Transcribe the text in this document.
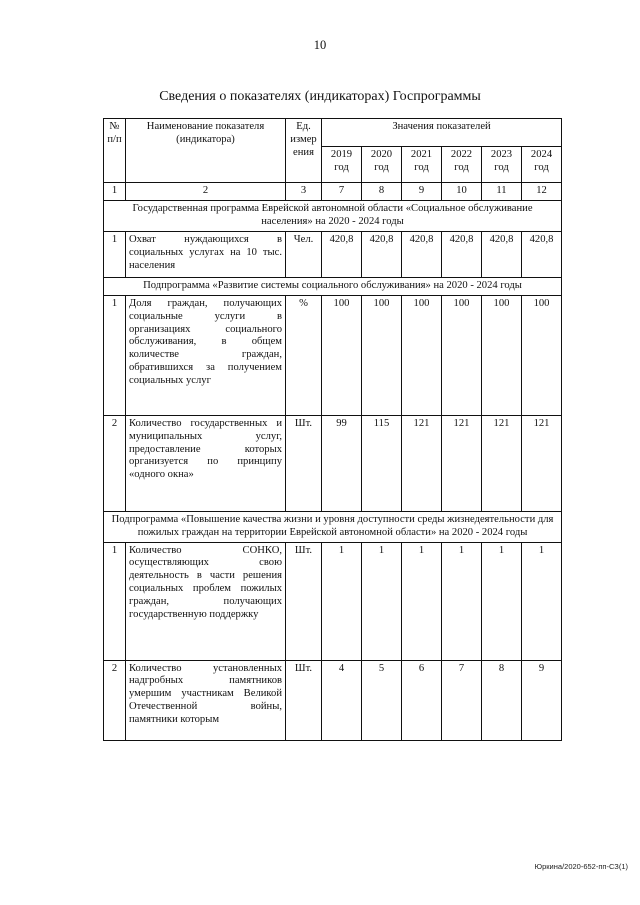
10
Сведения о показателях (индикаторах) Госпрограммы
№ п/п	Наименование показателя (индикатора)	Ед. измер ения	Значения показателей					
			2019 год	2020 год	2021 год	2022 год	2023 год	2024 год
1	2	3	7	8	9	10	11	12
Государственная программа Еврейской автономной области «Социальное обслуживание населения» на 2020 - 2024 годы								
1	Охват нуждающихся в социальных услугах на 10 тыс. населения	Чел.	420,8	420,8	420,8	420,8	420,8	420,8
Подпрограмма «Развитие системы социального обслуживания» на 2020 - 2024 годы								
1	Доля граждан, получающих социальные услуги в организациях социального обслуживания, в общем количестве граждан, обратившихся за получением социальных услуг	%	100	100	100	100	100	100
2	Количество государственных и муниципальных услуг, предоставление которых организуется по принципу «одного окна»	Шт.	99	115	121	121	121	121
Подпрограмма «Повышение качества жизни и уровня доступности среды жизнедеятельности для пожилых граждан на территории Еврейской автономной области» на 2020 - 2024 годы								
1	Количество СОНКО, осуществляющих свою деятельность в части решения социальных проблем пожилых граждан, получающих государственную поддержку	Шт.	1	1	1	1	1	1
2	Количество установленных надгробных памятников умершим участникам Великой Отечественной войны, памятники которым	Шт.	4	5	6	7	8	9
Юркина/2020-652-пп-СЗ(1)
